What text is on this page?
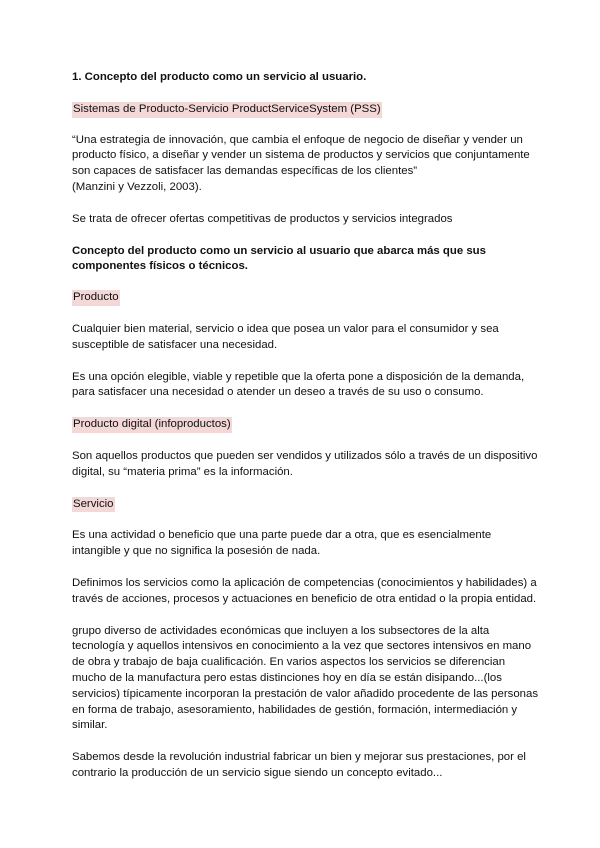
1. Concepto del producto como un servicio al usuario.

Sistemas de Producto-Servicio ProductServiceSystem (PSS)

“Una estrategia de innovación, que cambia el enfoque de negocio de diseñar y vender un
producto físico, a diseñar y vender un sistema de productos y servicios que conjuntamente
son capaces de satisfacer las demandas específicas de los clientes”
(Manzini y Vezzoli, 2003).

Se trata de ofrecer ofertas competitivas de productos y servicios integrados

Concepto del producto como un servicio al usuario que abarca más que sus
componentes físicos o técnicos.

Producto

Cualquier bien material, servicio o idea que posea un valor para el consumidor y sea
susceptible de satisfacer una necesidad.

Es una opción elegible, viable y repetible que la oferta pone a disposición de la demanda,
para satisfacer una necesidad o atender un deseo a través de su uso o consumo.

Producto digital (infoproductos)

Son aquellos productos que pueden ser vendidos y utilizados sólo a través de un dispositivo
digital, su “materia prima” es la información.

Servicio

Es una actividad o beneficio que una parte puede dar a otra, que es esencialmente
intangible y que no significa la posesión de nada.

Definimos los servicios como la aplicación de competencias (conocimientos y habilidades) a
través de acciones, procesos y actuaciones en beneficio de otra entidad o la propia entidad.

grupo diverso de actividades económicas que incluyen a los subsectores de la alta
tecnología y aquellos intensivos en conocimiento a la vez que sectores intensivos en mano
de obra y trabajo de baja cualificación. En varios aspectos los servicios se diferencian
mucho de la manufactura pero estas distinciones hoy en día se están disipando...(los
servicios) típicamente incorporan la prestación de valor añadido procedente de las personas
en forma de trabajo, asesoramiento, habilidades de gestión, formación, intermediación y
similar.

Sabemos desde la revolución industrial fabricar un bien y mejorar sus prestaciones, por el
contrario la producción de un servicio sigue siendo un concepto evitado...
